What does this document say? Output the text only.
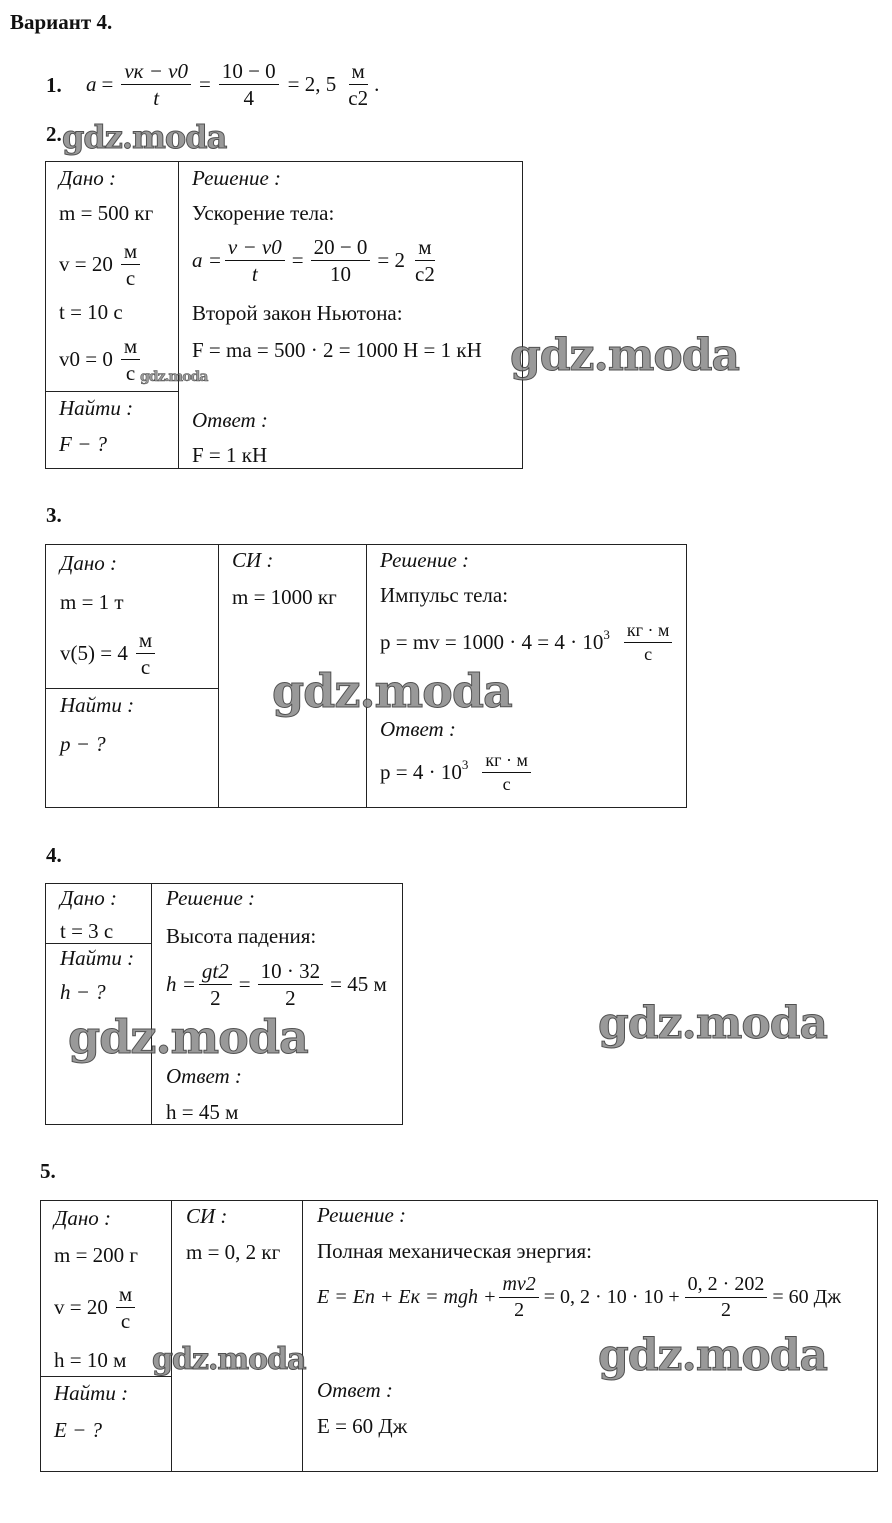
Вариант 4.
1. $a = \frac{vк - v0}{t} = \frac{10 - 0}{4} = 2$, $5 \frac{м}{с2}$ .
2. gdz.moda
Дано :
m = 500 кг
$v = 20 \frac{м}{с}$
t = 10 с
$v0 = 0 \frac{м}{с}$ gdz.moda
Найти :
F − ?
Решение :
Ускорение тела:
$a = \frac{v - v0}{t} = \frac{20 - 0}{10} = 2 \frac{м}{с2}$
Второй закон Ньютона:
F = ma = 500 · 2 = 1000 Н = 1 кН
Ответ :
F = 1 кН
gdz.moda
3.
Дано :
m = 1 т
$v(5) = 4 \frac{м}{с}$
Найти :
p − ?
СИ :
m = 1000 кг
Решение :
Импульс тела:
p = mv = $1000 \cdot 4 = 4 \cdot 10^3 \frac{кг \cdot м}{с}$
Ответ :
$p = 4 \cdot 10^3 \frac{кг \cdot м}{с}$
gdz.moda
4.
Дано :
t = 3 с
Найти :
h − ?
Решение :
Высота падения:
$h = \frac{gt2}{2} = \frac{10 \cdot 32}{2} = 45$ м
Ответ :
h = 45 м
gdz.moda	gdz.moda
5.
Дано :
m = 200 г
$v = 20 \frac{м}{с}$
h = 10 м
Найти :
E − ?
СИ :
m = 0, 2 кг
Решение :
Полная механическая энергия:
E = Eп + Eк = mgh + $\frac{mv2}{2} = 0$, $2 \cdot 10 \cdot 10 + \frac{0, 2 \cdot 202}{2} = 60$ Дж
Ответ :
E = 60 Дж
gdz.moda	gdz.moda
